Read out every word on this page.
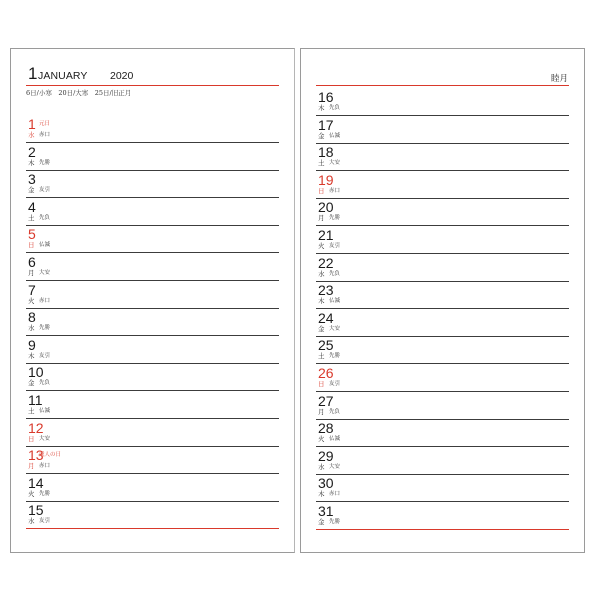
1 JANUARY 2020
6日/小寒　20日/大寒　25日/旧正月
1
水 赤口
元日
2
木 先勝
3
金 友引
4
土 先負
5
日 仏滅
6
月 大安
7
火 赤口
8
水 先勝
9
木 友引
10
金 先負
11
土 仏滅
12
日 大安
13
月 赤口
成人の日
14
火 先勝
15
水 友引
睦月
16
木 先負
17
金 仏滅
18
土 大安
19
日 赤口
20
月 先勝
21
火 友引
22
水 先負
23
木 仏滅
24
金 大安
25
土 先勝
26
日 友引
27
月 先負
28
火 仏滅
29
水 大安
30
木 赤口
31
金 先勝
